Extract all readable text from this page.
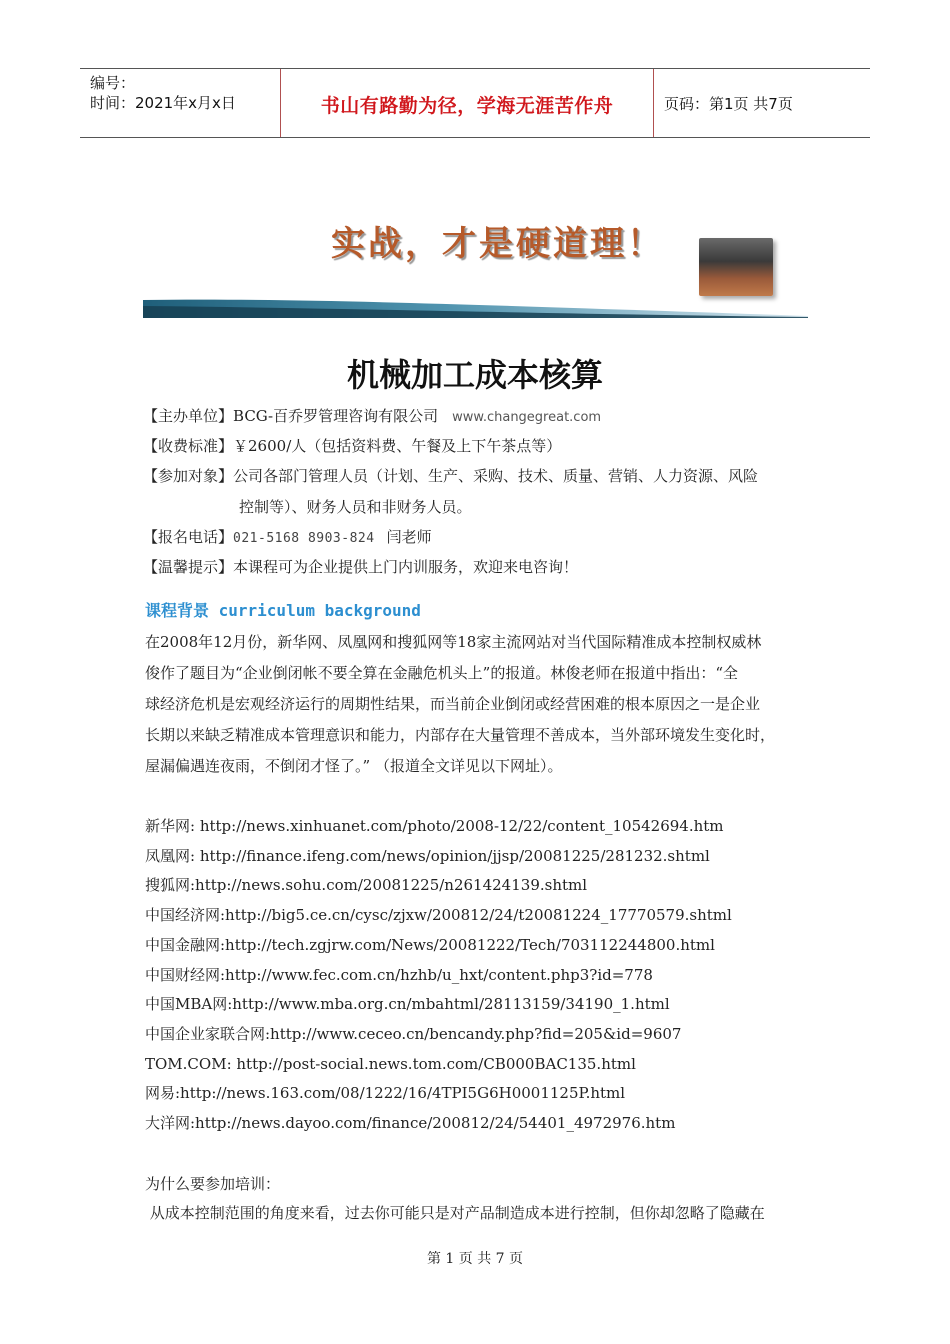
编号：
时间：2021年x月x日	书山有路勤为径，学海无涯苦作舟	页码：第1页 共7页
实战，才是硬道理！
机械加工成本核算
【主办单位】BCG-百乔罗管理咨询有限公司 www.changegreat.com
【收费标准】￥2600/人（包括资料费、午餐及上下午茶点等）
【参加对象】公司各部门管理人员（计划、生产、采购、技术、质量、营销、人力资源、风险
控制等）、财务人员和非财务人员。
【报名电话】021-5168 8903-824 闫老师
【温馨提示】本课程可为企业提供上门内训服务，欢迎来电咨询！
课程背景 curriculum background
在2008年12月份，新华网、凤凰网和搜狐网等18家主流网站对当代国际精准成本控制权威林
俊作了题目为“企业倒闭帐不要全算在金融危机头上”的报道。林俊老师在报道中指出：“全
球经济危机是宏观经济运行的周期性结果，而当前企业倒闭或经营困难的根本原因之一是企业
长期以来缺乏精准成本管理意识和能力，内部存在大量管理不善成本，当外部环境发生变化时，
屋漏偏遇连夜雨，不倒闭才怪了。” （报道全文详见以下网址）。
新华网: http://news.xinhuanet.com/photo/2008-12/22/content_10542694.htm
凤凰网: http://finance.ifeng.com/news/opinion/jjsp/20081225/281232.shtml
搜狐网:http://news.sohu.com/20081225/n261424139.shtml
中国经济网:http://big5.ce.cn/cysc/zjxw/200812/24/t20081224_17770579.shtml
中国金融网:http://tech.zgjrw.com/News/20081222/Tech/703112244800.html
中国财经网:http://www.fec.com.cn/hzhb/u_hxt/content.php3?id=778
中国MBA网:http://www.mba.org.cn/mbahtml/28113159/34190_1.html
中国企业家联合网:http://www.ceceo.cn/bencandy.php?fid=205&id=9607
TOM.COM: http://post-social.news.tom.com/CB000BAC135.html
网易:http://news.163.com/08/1222/16/4TPI5G6H0001125P.html
大洋网:http://news.dayoo.com/finance/200812/24/54401_4972976.htm
为什么要参加培训：
从成本控制范围的角度来看，过去你可能只是对产品制造成本进行控制，但你却忽略了隐藏在
第 1 页 共 7 页
